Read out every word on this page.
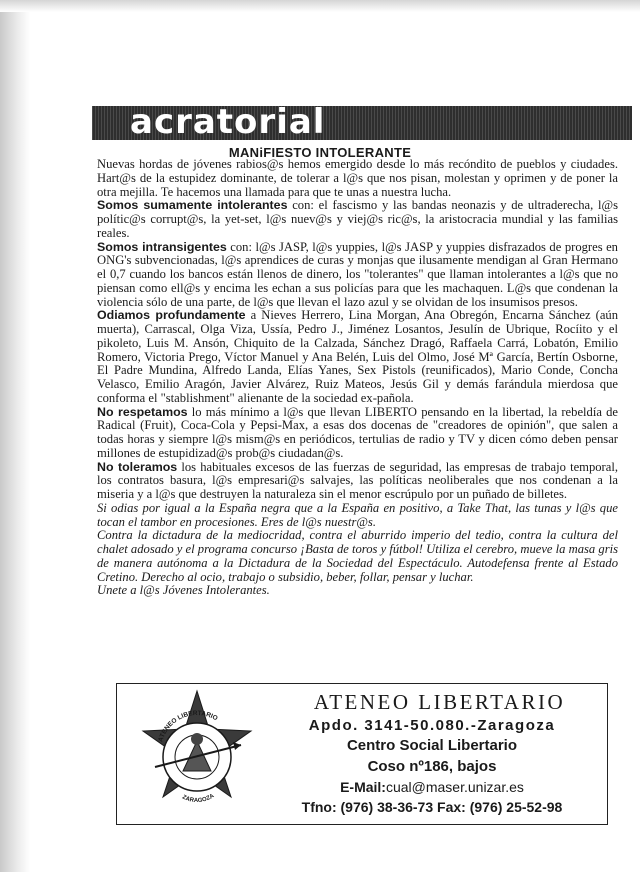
acratorial
MANiFIESTO INTOLERANTE

Nuevas hordas de jóvenes rabios@s hemos emergido desde lo más recóndito de pueblos y ciudades. Hart@s de la estupidez dominante, de tolerar a l@s que nos pisan, molestan y oprimen y de poner la otra mejilla. Te hacemos una llamada para que te unas a nuestra lucha.

Somos sumamente intolerantes con: el fascismo y las bandas neonazis y de ultraderecha, l@s polític@s corrupt@s, la yet-set, l@s nuev@s y viej@s ric@s, la aristocracia mundial y las familias reales.

Somos intransigentes con: l@s JASP, l@s yuppies, l@s JASP y yuppies disfrazados de progres en ONG's subvencionadas, l@s aprendices de curas y monjas que ilusamente mendigan al Gran Hermano el 0,7 cuando los bancos están llenos de dinero, los "tolerantes" que llaman intolerantes a l@s que no piensan como ell@s y encima les echan a sus policías para que les machaquen. L@s que condenan la violencia sólo de una parte, de l@s que llevan el lazo azul y se olvidan de los insumisos presos.

Odiamos profundamente a Nieves Herrero, Lina Morgan, Ana Obregón, Encarna Sánchez (aún muerta), Carrascal, Olga Viza, Ussía, Pedro J., Jiménez Losantos, Jesulín de Ubrique, Rocíito y el pikoleto, Luis M. Ansón, Chiquito de la Calzada, Sánchez Dragó, Raffaela Carrá, Lobatón, Emilio Romero, Victoria Prego, Víctor Manuel y Ana Belén, Luis del Olmo, José Mª García, Bertín Osborne, El Padre Mundina, Alfredo Landa, Elías Yanes, Sex Pistols (reunificados), Mario Conde, Concha Velasco, Emilio Aragón, Javier Alvárez, Ruiz Mateos, Jesús Gil y demás farándula mierdosa que conforma el "stablishment" alienante de la sociedad ex-pañola.

No respetamos lo más mínimo a l@s que llevan LIBERTO pensando en la libertad, la rebeldía de Radical (Fruit), Coca-Cola y Pepsi-Max, a esas dos docenas de "creadores de opinión", que salen a todas horas y siempre l@s mism@s en periódicos, tertulias de radio y TV y dicen cómo deben pensar millones de estupidizad@s prob@s ciudadan@s.

No toleramos los habituales excesos de las fuerzas de seguridad, las empresas de trabajo temporal, los contratos basura, l@s empresari@s salvajes, las políticas neoliberales que nos condenan a la miseria y a l@s que destruyen la naturaleza sin el menor escrúpulo por un puñado de billetes.

Si odias por igual a la España negra que a la España en positivo, a Take That, las tunas y l@s que tocan el tambor en procesiones. Eres de l@s nuestr@s.

Contra la dictadura de la mediocridad, contra el aburrido imperio del tedio, contra la cultura del chalet adosado y el programa concurso ¡Basta de toros y fútbol! Utiliza el cerebro, mueve la masa gris de manera autónoma a la Dictadura de la Sociedad del Espectáculo. Autodefensa frente al Estado Cretino. Derecho al ocio, trabajo o subsidio, beber, follar, pensar y luchar.

Unete a l@s Jóvenes Intolerantes.

ATENEO LIBERTARIO
ZARAGOZA
ATENEO LIBERTARIO
Apdo. 3141-50.080.-Zaragoza
Centro Social Libertario
Coso nº186, bajos
E-Mail:cual@maser.unizar.es
Tfno: (976) 38-36-73 Fax: (976) 25-52-98
